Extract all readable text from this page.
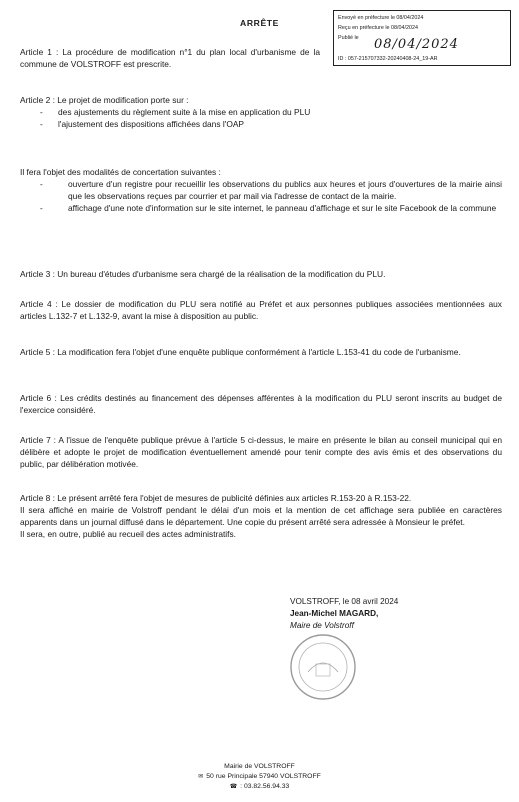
ARRÊTE	Envoyé en préfecture le 08/04/2024
Reçu en préfecture le 08/04/2024
Publié le	08/04/2024
ID : 057-215707332-20240408-24_19-AR

Article 1 : La procédure de modification n°1 du plan local d'urbanisme de la commune de VOLSTROFF est prescrite.

Article 2 : Le projet de modification porte sur :

- des ajustements du règlement suite à la mise en application du PLU
- l'ajustement des dispositions affichées dans l'OAP

Il fera l'objet des modalités de concertation suivantes :

- ouverture d'un registre pour recueillir les observations du publics aux heures et jours d'ouvertures de la mairie ainsi que les observations reçues par courrier et par mail via l'adresse de contact de la mairie.
- affichage d'une note d'information sur le site internet, le panneau d'affichage et sur le site Facebook de la commune

Article 3 : Un bureau d'études d'urbanisme sera chargé de la réalisation de la modification du PLU.

Article 4 : Le dossier de modification du PLU sera notifié au Préfet et aux personnes publiques associées mentionnées aux articles L.132-7 et L.132-9, avant la mise à disposition au public.

Article 5 : La modification fera l'objet d'une enquête publique conformément à l'article L.153-41 du code de l'urbanisme.

Article 6 : Les crédits destinés au financement des dépenses afférentes à la modification du PLU seront inscrits au budget de l'exercice considéré.

Article 7 : A l'issue de l'enquête publique prévue à l'article 5 ci-dessus, le maire en présente le bilan au conseil municipal qui en délibère et adopte le projet de modification éventuellement amendé pour tenir compte des avis émis et des observations du public, par délibération motivée.

Article 8 : Le présent arrêté fera l'objet de mesures de publicité définies aux articles R.153-20 à R.153-22.

Il sera affiché en mairie de Volstroff pendant le délai d'un mois et la mention de cet affichage sera publiée en caractères apparents dans un journal diffusé dans le département. Une copie du présent arrêté sera adressée à Monsieur le préfet.

Il sera, en outre, publié au recueil des actes administratifs.

VOLSTROFF, le 08 avril 2024
Jean-Michel MAGARD,
Maire de Volstroff
Mairie de VOLSTROFF
✉ 50 rue Principale 57940 VOLSTROFF
☎ : 03.82.56.94.33
